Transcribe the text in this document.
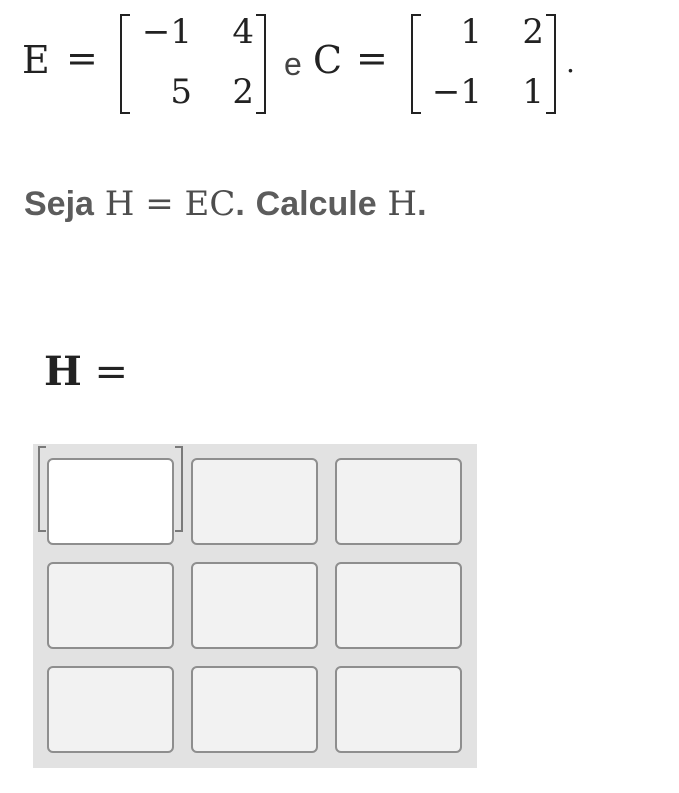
E =
−1	4
5	2
e C =
1	2
−1	1
.
Seja H = EC. Calcule H.
H =
